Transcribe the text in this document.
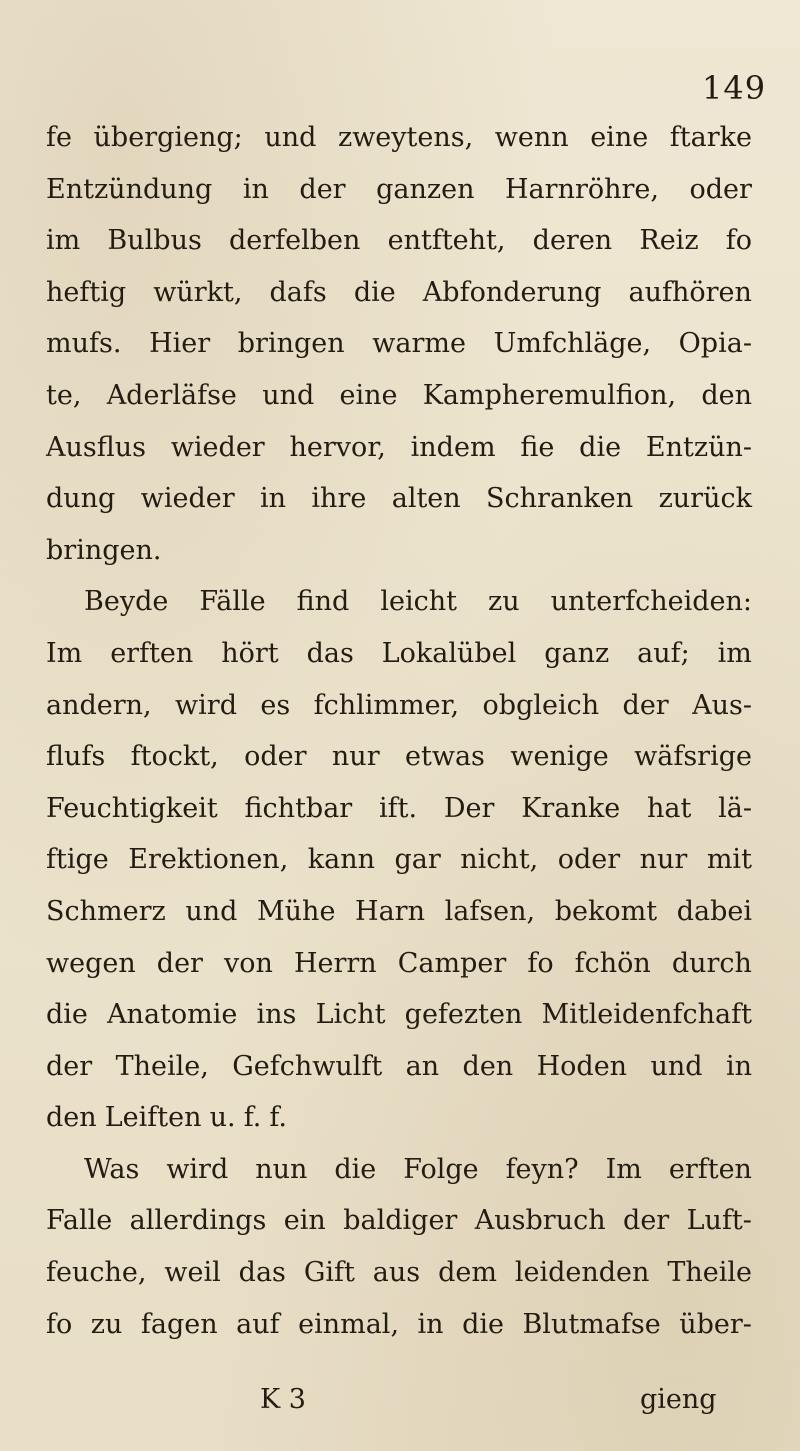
149
fe übergieng; und zweytens, wenn eine ftarke
Entzündung in der ganzen Harnröhre, oder
im Bulbus derfelben entfteht, deren Reiz fo
heftig würkt, dafs die Abfonderung aufhören
mufs. Hier bringen warme Umfchläge, Opia-
te, Aderläfse und eine Kampheremulfion, den
Ausflus wieder hervor, indem fie die Entzün-
dung wieder in ihre alten Schranken zurück
bringen.
Beyde Fälle find leicht zu unterfcheiden:
Im erften hört das Lokalübel ganz auf; im
andern, wird es fchlimmer, obgleich der Aus-
flufs ftockt, oder nur etwas wenige wäfsrige
Feuchtigkeit fichtbar ift. Der Kranke hat lä-
ftige Erektionen, kann gar nicht, oder nur mit
Schmerz und Mühe Harn lafsen, bekomt dabei
wegen der von Herrn Camper fo fchön durch
die Anatomie ins Licht gefezten Mitleidenfchaft
der Theile, Gefchwulft an den Hoden und in
den Leiften u. f. f.
Was wird nun die Folge feyn? Im erften
Falle allerdings ein baldiger Ausbruch der Luft-
feuche, weil das Gift aus dem leidenden Theile
fo zu fagen auf einmal, in die Blutmafse über-
K 3	gieng
